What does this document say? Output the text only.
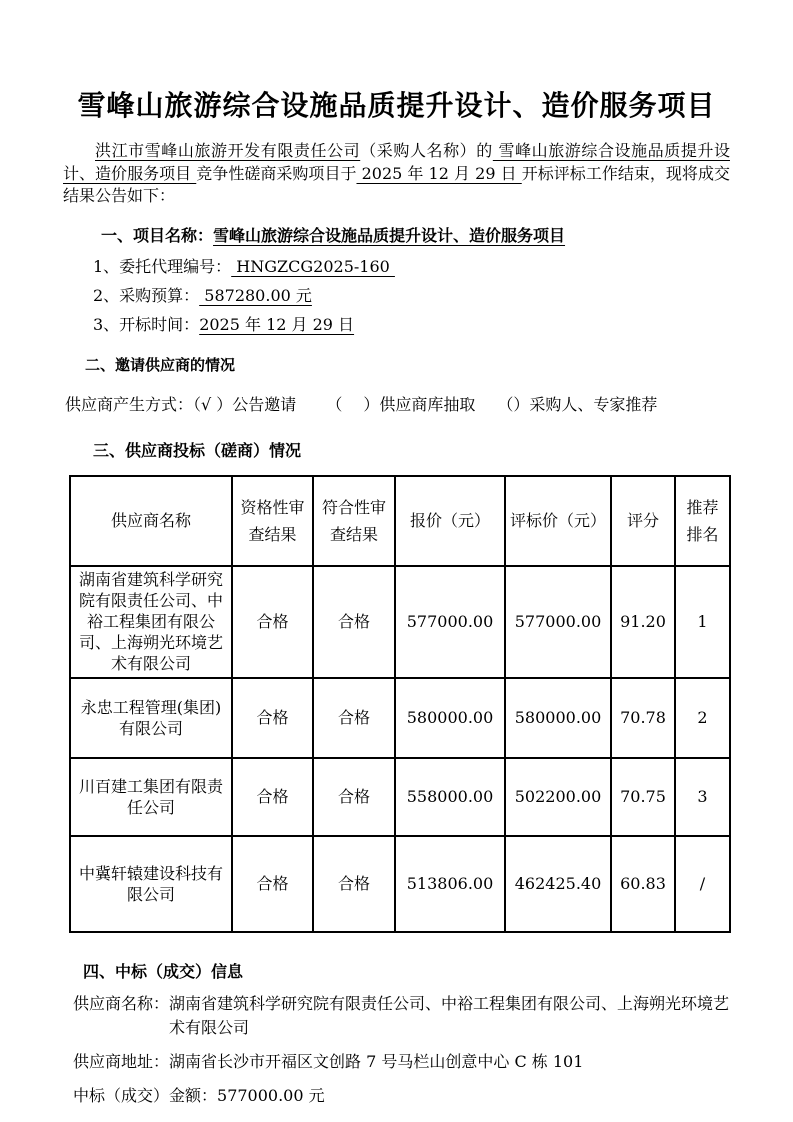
雪峰山旅游综合设施品质提升设计、造价服务项目

洪江市雪峰山旅游开发有限责任公司（采购人名称）的 雪峰山旅游综合设施品质提升设计、造价服务项目 竞争性磋商采购项目于 2025 年 12 月 29 日 开标评标工作结束，现将成交结果公告如下：

一、项目名称：雪峰山旅游综合设施品质提升设计、造价服务项目
1、委托代理编号： HNGZCG2025-160
2、采购预算： 587280.00 元
3、开标时间：2025 年 12 月 29 日
二、邀请供应商的情况
供应商产生方式：（√ ）公告邀请 （　 ）供应商库抽取 （）采购人、专家推荐
三、供应商投标（磋商）情况
供应商名称	资格性审查结果	符合性审查结果	报价（元）	评标价（元）	评分	推荐排名
湖南省建筑科学研究院有限责任公司、中裕工程集团有限公司、上海朔光环境艺术有限公司	合格	合格	577000.00	577000.00	91.20	1
永忠工程管理(集团)有限公司	合格	合格	580000.00	580000.00	70.78	2
川百建工集团有限责任公司	合格	合格	558000.00	502200.00	70.75	3
中冀轩辕建设科技有限公司	合格	合格	513806.00	462425.40	60.83	/
四、中标（成交）信息
供应商名称： 湖南省建筑科学研究院有限责任公司、中裕工程集团有限公司、上海朔光环境艺术有限公司
供应商地址： 湖南省长沙市开福区文创路 7 号马栏山创意中心 C 栋 101
中标（成交）金额： 577000.00 元
